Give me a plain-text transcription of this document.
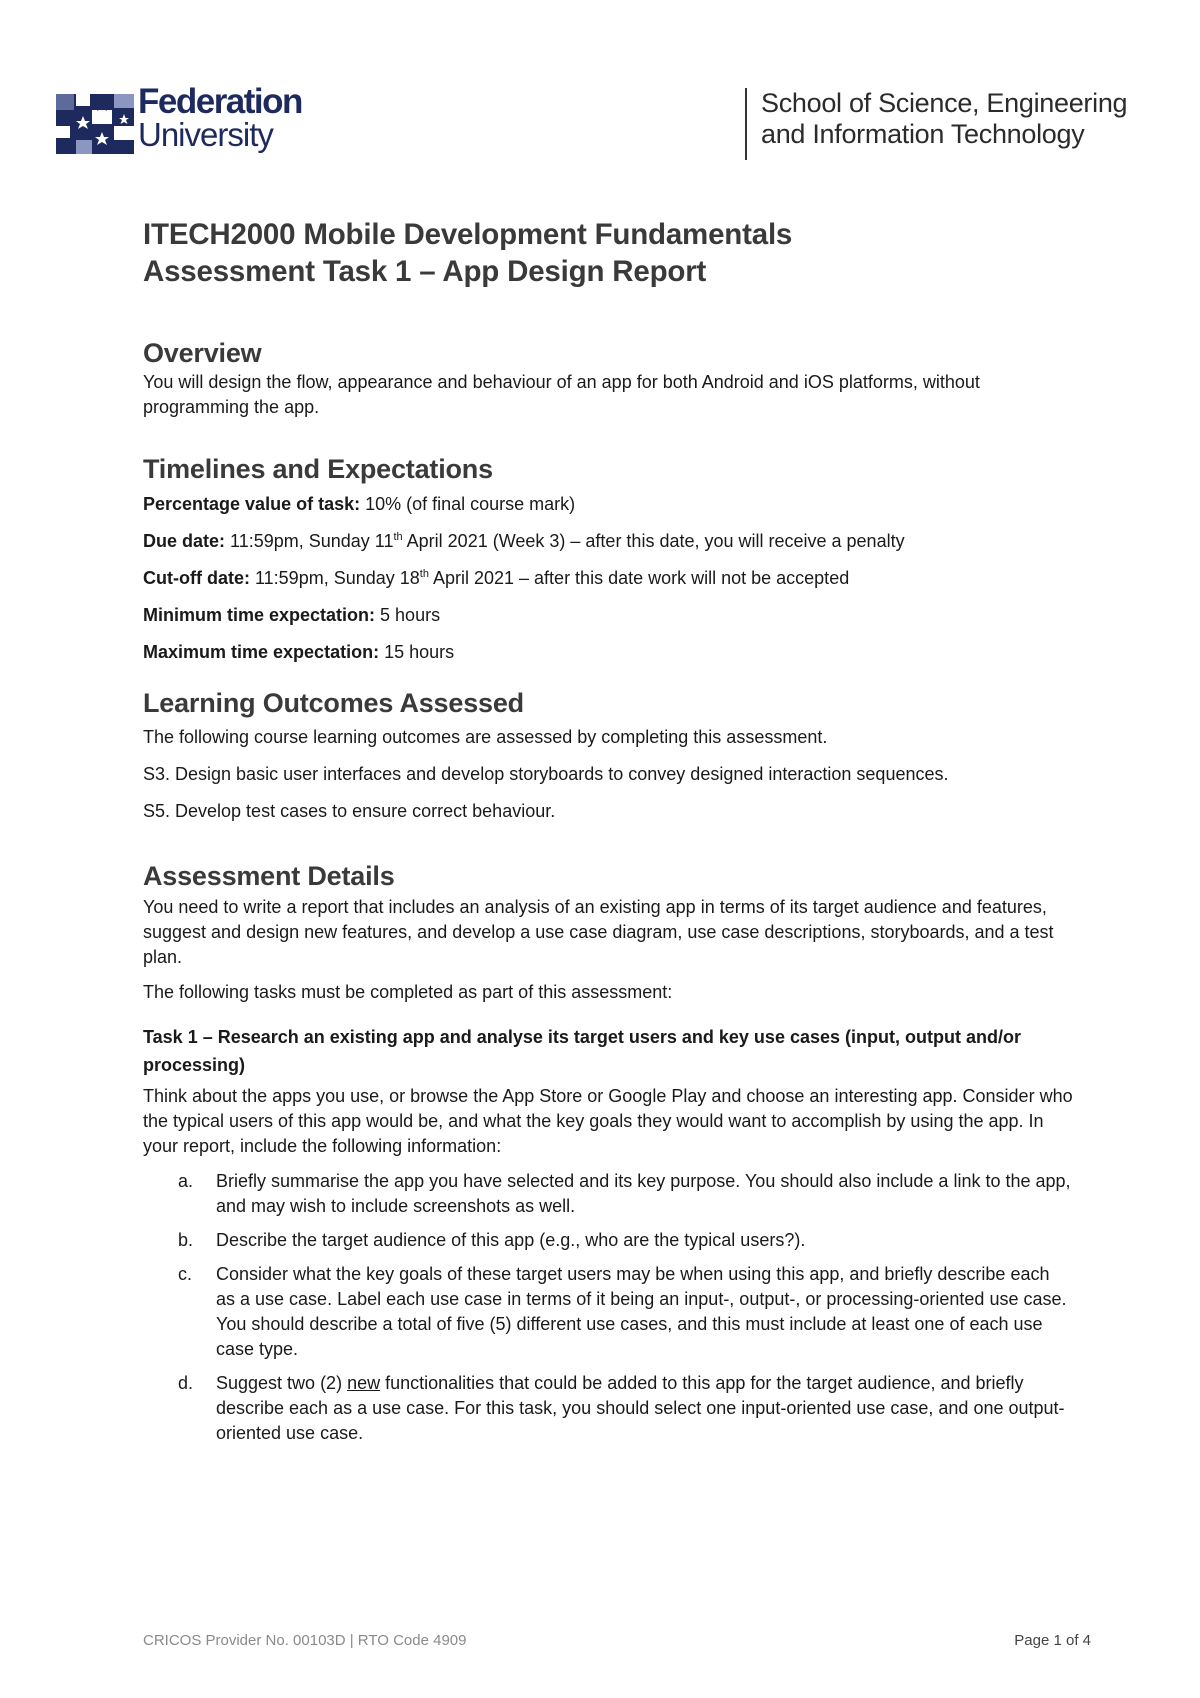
Federation
University
School of Science, Engineering
and Information Technology
ITECH2000 Mobile Development Fundamentals
Assessment Task 1 – App Design Report
Overview

You will design the flow, appearance and behaviour of an app for both Android and iOS platforms, without programming the app.

Timelines and Expectations

Percentage value of task: 10% (of final course mark)

Due date: 11:59pm, Sunday 11th April 2021 (Week 3) – after this date, you will receive a penalty

Cut-off date: 11:59pm, Sunday 18th April 2021 – after this date work will not be accepted

Minimum time expectation: 5 hours

Maximum time expectation: 15 hours

Learning Outcomes Assessed

The following course learning outcomes are assessed by completing this assessment.

S3. Design basic user interfaces and develop storyboards to convey designed interaction sequences.

S5. Develop test cases to ensure correct behaviour.

Assessment Details

You need to write a report that includes an analysis of an existing app in terms of its target audience and features, suggest and design new features, and develop a use case diagram, use case descriptions, storyboards, and a test plan.

The following tasks must be completed as part of this assessment:

Task 1 – Research an existing app and analyse its target users and key use cases (input, output and/or processing)

Think about the apps you use, or browse the App Store or Google Play and choose an interesting app. Consider who the typical users of this app would be, and what the key goals they would want to accomplish by using the app. In your report, include the following information:

a. Briefly summarise the app you have selected and its key purpose. You should also include a link to the app, and may wish to include screenshots as well.
b. Describe the target audience of this app (e.g., who are the typical users?).
c. Consider what the key goals of these target users may be when using this app, and briefly describe each as a use case. Label each use case in terms of it being an input-, output-, or processing-oriented use case. You should describe a total of five (5) different use cases, and this must include at least one of each use case type.
d. Suggest two (2) new functionalities that could be added to this app for the target audience, and briefly describe each as a use case. For this task, you should select one input-oriented use case, and one output-oriented use case.
CRICOS Provider No. 00103D | RTO Code 4909	Page 1 of 4
